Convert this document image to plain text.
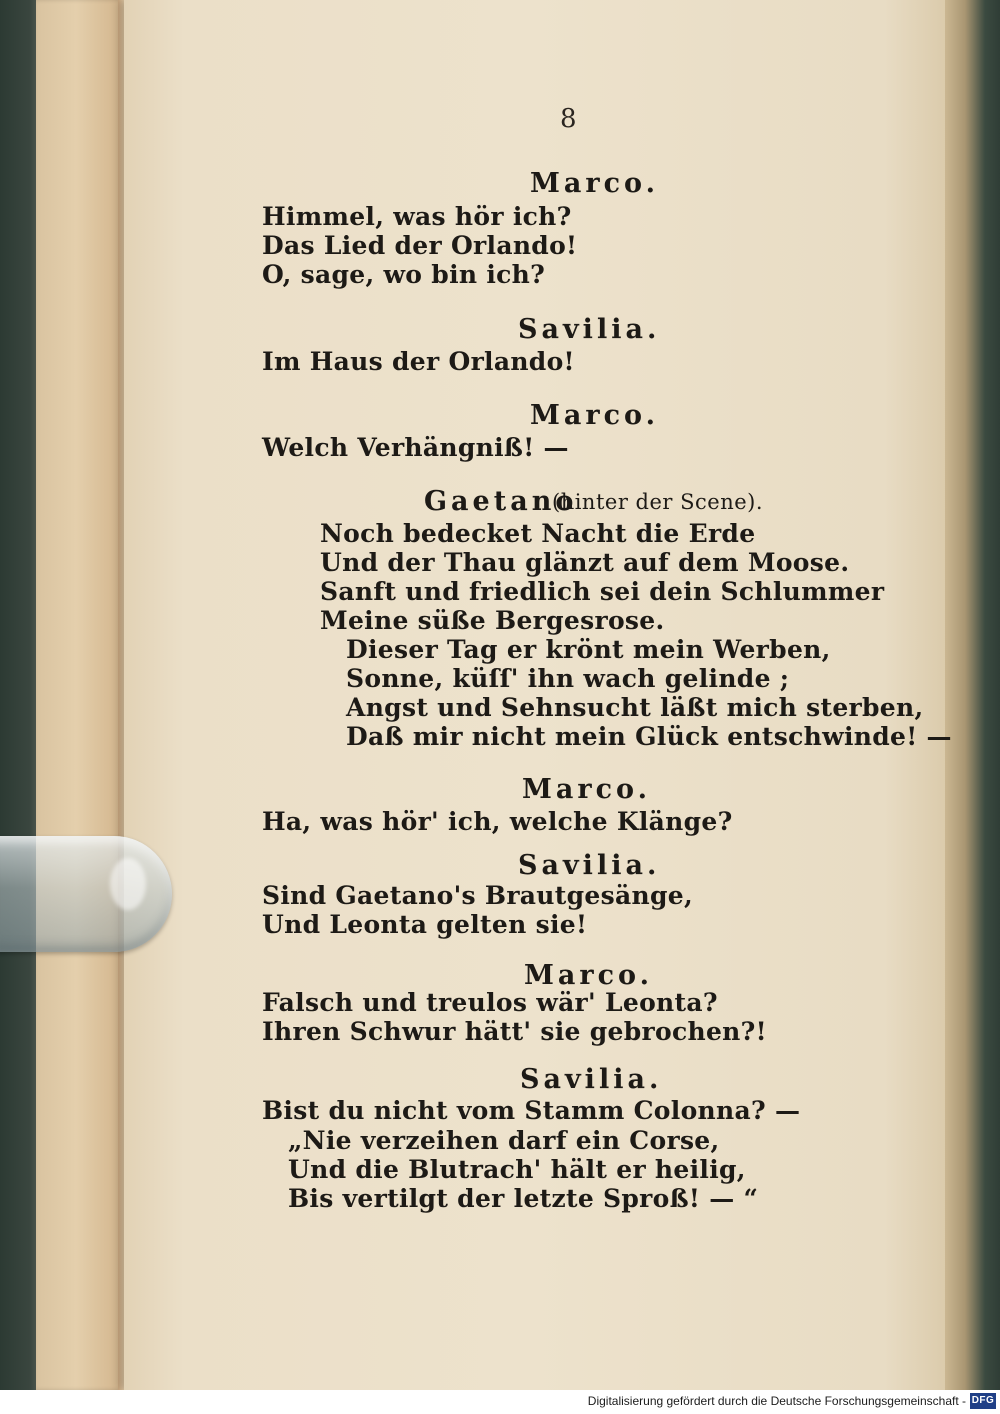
8
Marco.
Himmel, was hör ich?
Das Lied der Orlando!
O, sage, wo bin ich?
Savilia.
Im Haus der Orlando!
Marco.
Welch Verhängniß! —
Gaetano
(hinter der Scene).
Noch bedecket Nacht die Erde
Und der Thau glänzt auf dem Moose.
Sanft und friedlich sei dein Schlummer
Meine süße Bergesrose.
Dieser Tag er krönt mein Werben,
Sonne, küſſ' ihn wach gelinde ;
Angst und Sehnsucht läßt mich sterben,
Daß mir nicht mein Glück entschwinde! —
Marco.
Ha, was hör' ich, welche Klänge?
Savilia.
Sind Gaetano's Brautgesänge,
Und Leonta gelten sie!
Marco.
Falsch und treulos wär' Leonta?
Ihren Schwur hätt' sie gebrochen?!
Savilia.
Bist du nicht vom Stamm Colonna? —
„Nie verzeihen darf ein Corse,
Und die Blutrach' hält er heilig,
Bis vertilgt der letzte Sproß! — “
Digitalisierung gefördert durch die Deutsche Forschungsgemeinschaft - DFG
